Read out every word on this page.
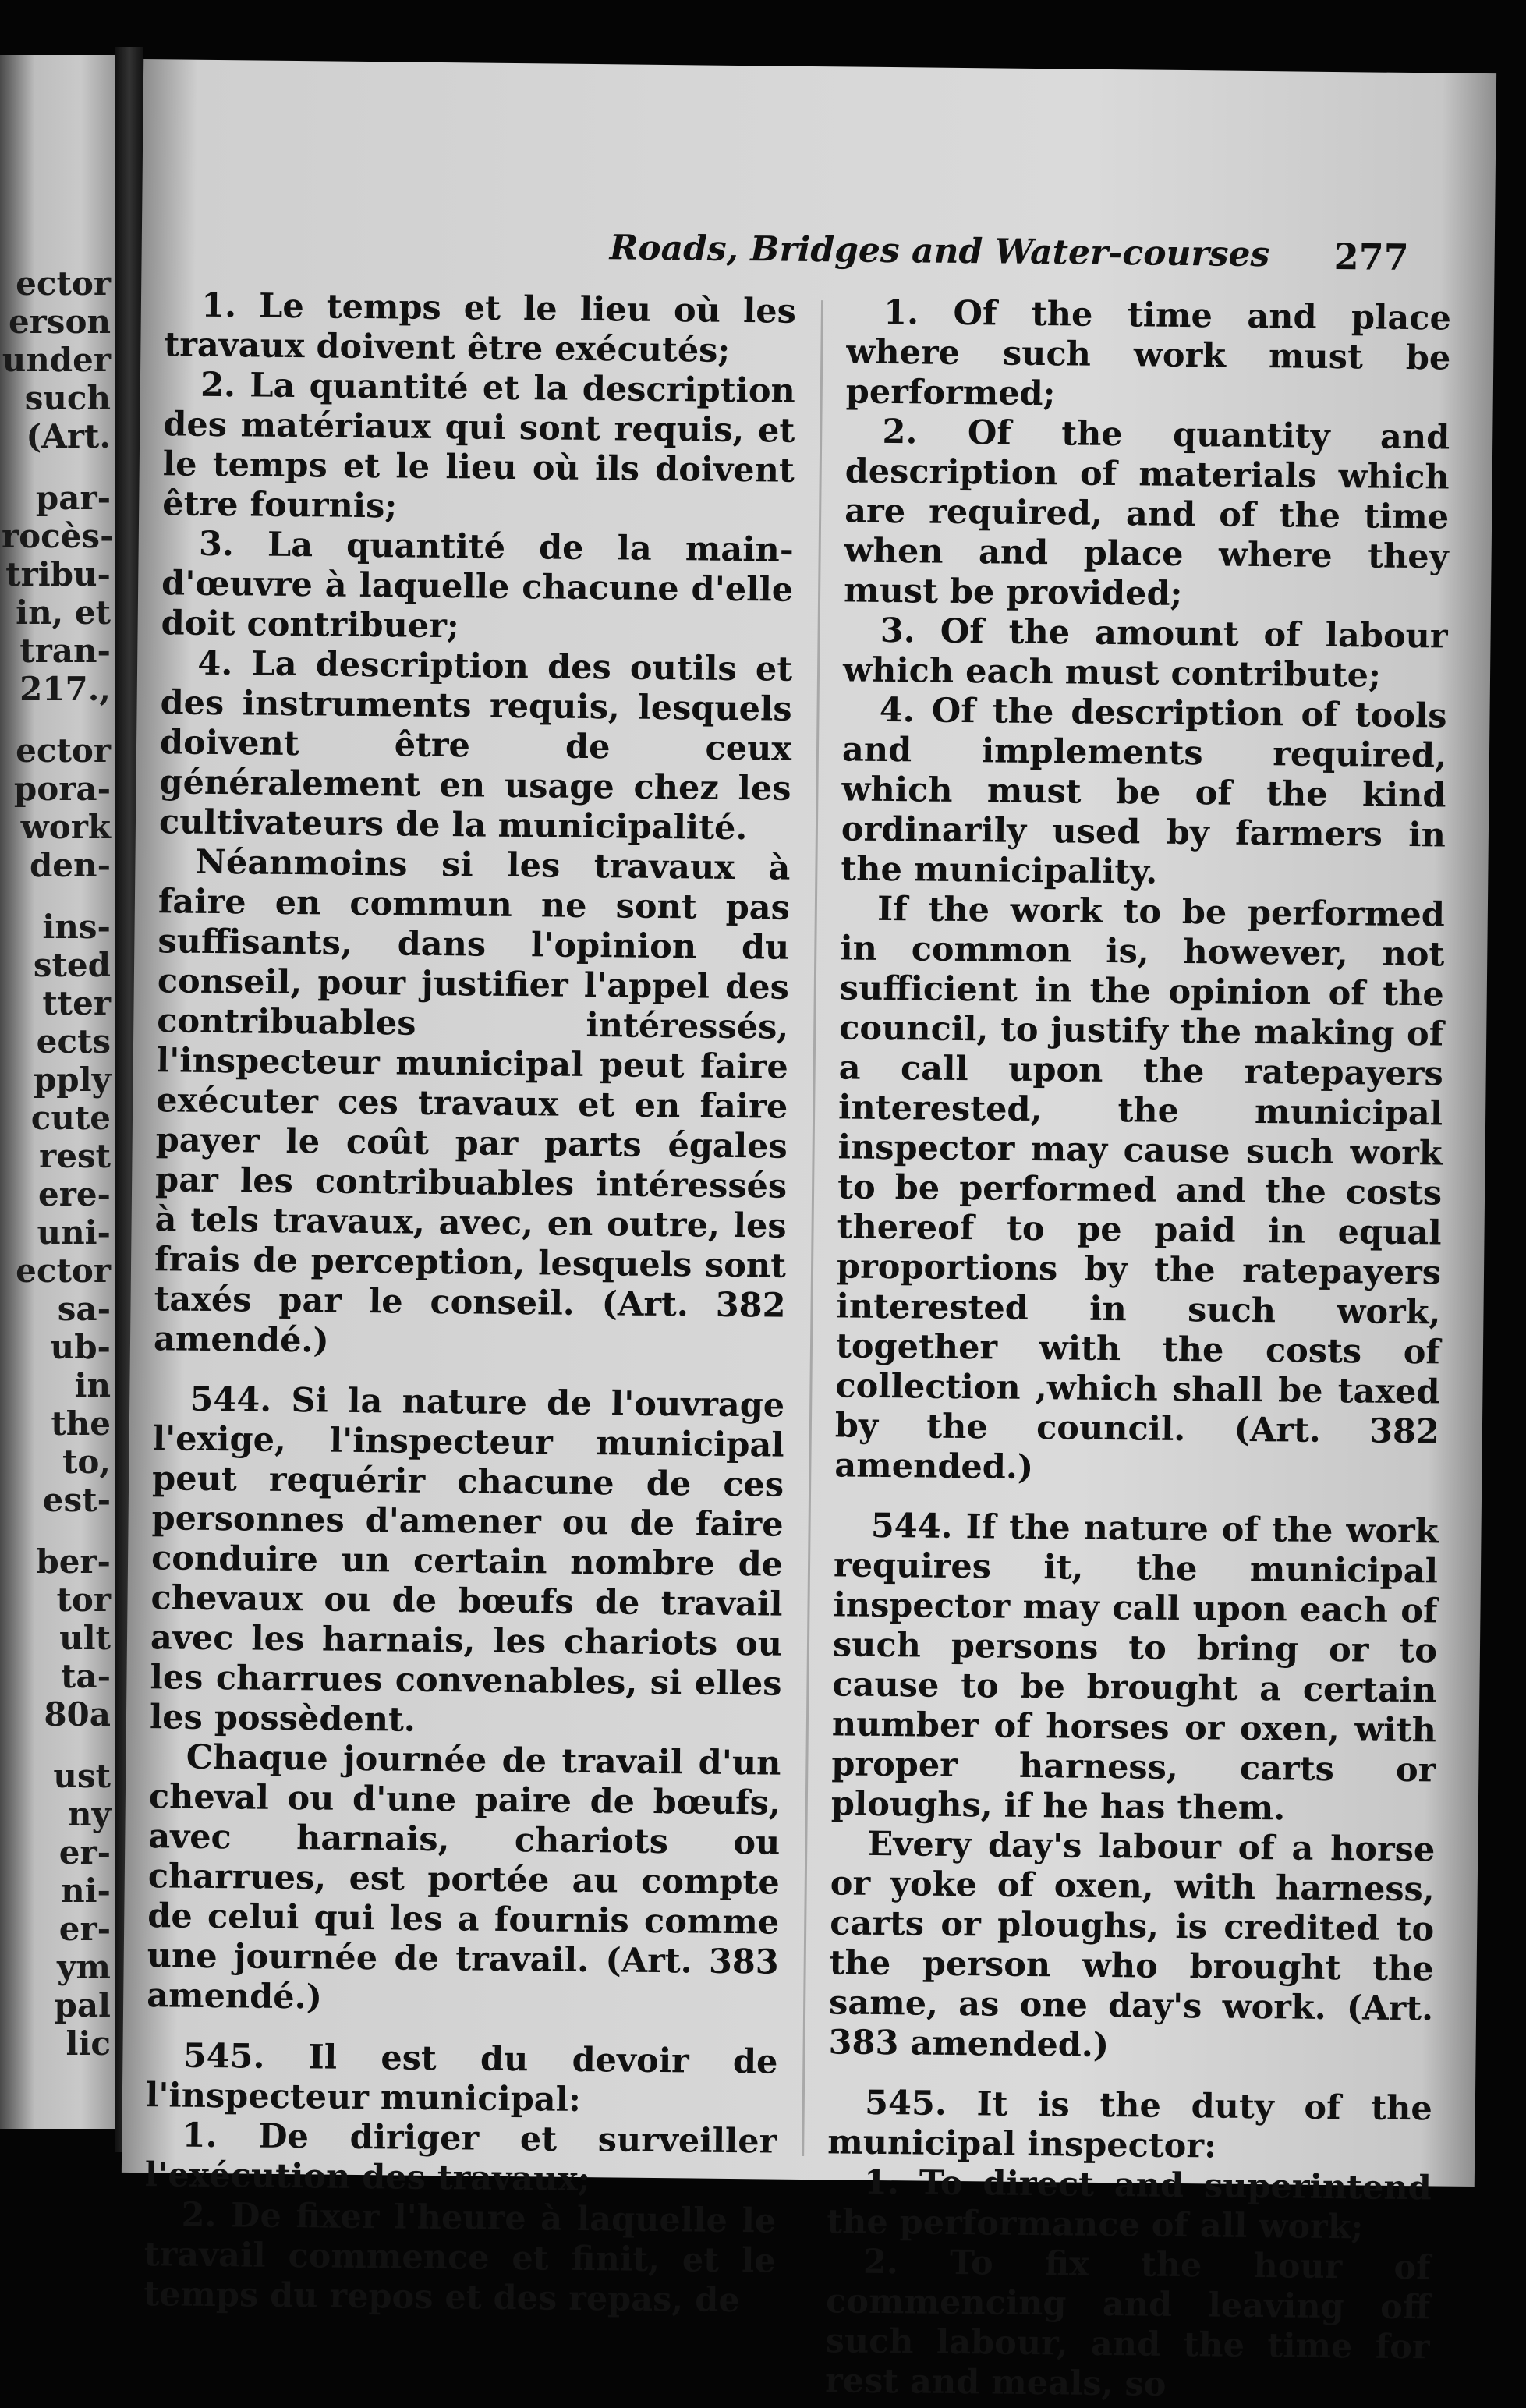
ector
erson
under
such
(Art.
par-
rocès-
tribu-
in, et
tran-
217.,
ector
pora-
work
den-
ins-
sted
tter
ects
pply
cute
rest
ere-
uni-
ector
sa-
ub-
in
the
to,
est-
ber-
tor
ult
ta-
80a
ust
ny
er-
ni-
er-
ym
pal
lic
Roads, Bridges and Water-courses 277

1. Le temps et le lieu où les travaux doivent être exécutés;

2. La quantité et la description des matériaux qui sont requis, et le temps et le lieu où ils doivent être fournis;

3. La quantité de la main-d'œuvre à laquelle chacune d'elle doit contribuer;

4. La description des outils et des instruments requis, lesquels doivent être de ceux généralement en usage chez les cultivateurs de la municipalité.

Néanmoins si les travaux à faire en commun ne sont pas suffisants, dans l'opinion du conseil, pour justifier l'appel des contribuables intéressés, l'inspecteur municipal peut faire exécuter ces travaux et en faire payer le coût par parts égales par les contribuables intéressés à tels travaux, avec, en outre, les frais de perception, lesquels sont taxés par le conseil. (Art. 382 amendé.)

544. Si la nature de l'ouvrage l'exige, l'inspecteur municipal peut requérir chacune de ces personnes d'amener ou de faire conduire un certain nombre de chevaux ou de bœufs de travail avec les harnais, les chariots ou les charrues convenables, si elles les possèdent.

Chaque journée de travail d'un cheval ou d'une paire de bœufs, avec harnais, chariots ou charrues, est portée au compte de celui qui les a fournis comme une journée de travail. (Art. 383 amendé.)

545. Il est du devoir de l'inspecteur municipal:

1. De diriger et surveiller l'exécution des travaux;

2. De fixer l'heure à laquelle le travail commence et finit, et le temps du repos et des repas, de

1. Of the time and place where such work must be performed;

2. Of the quantity and description of materials which are required, and of the time when and place where they must be provided;

3. Of the amount of labour which each must contribute;

4. Of the description of tools and implements required, which must be of the kind ordinarily used by farmers in the municipality.

If the work to be performed in common is, however, not sufficient in the opinion of the council, to justify the making of a call upon the ratepayers interested, the municipal inspector may cause such work to be performed and the costs thereof to pe paid in equal proportions by the ratepayers interested in such work, together with the costs of collection ,which shall be taxed by the council. (Art. 382 amended.)

544. If the nature of the work requires it, the municipal inspector may call upon each of such persons to bring or to cause to be brought a certain number of horses or oxen, with proper harness, carts or ploughs, if he has them.

Every day's labour of a horse or yoke of oxen, with harness, carts or ploughs, is credited to the person who brought the same, as one day's work. (Art. 383 amended.)

545. It is the duty of the municipal inspector:

1. To direct and superintend the performance of all work;

2. To fix the hour of commencing and leaving off such labour, and the time for rest and meals, so
